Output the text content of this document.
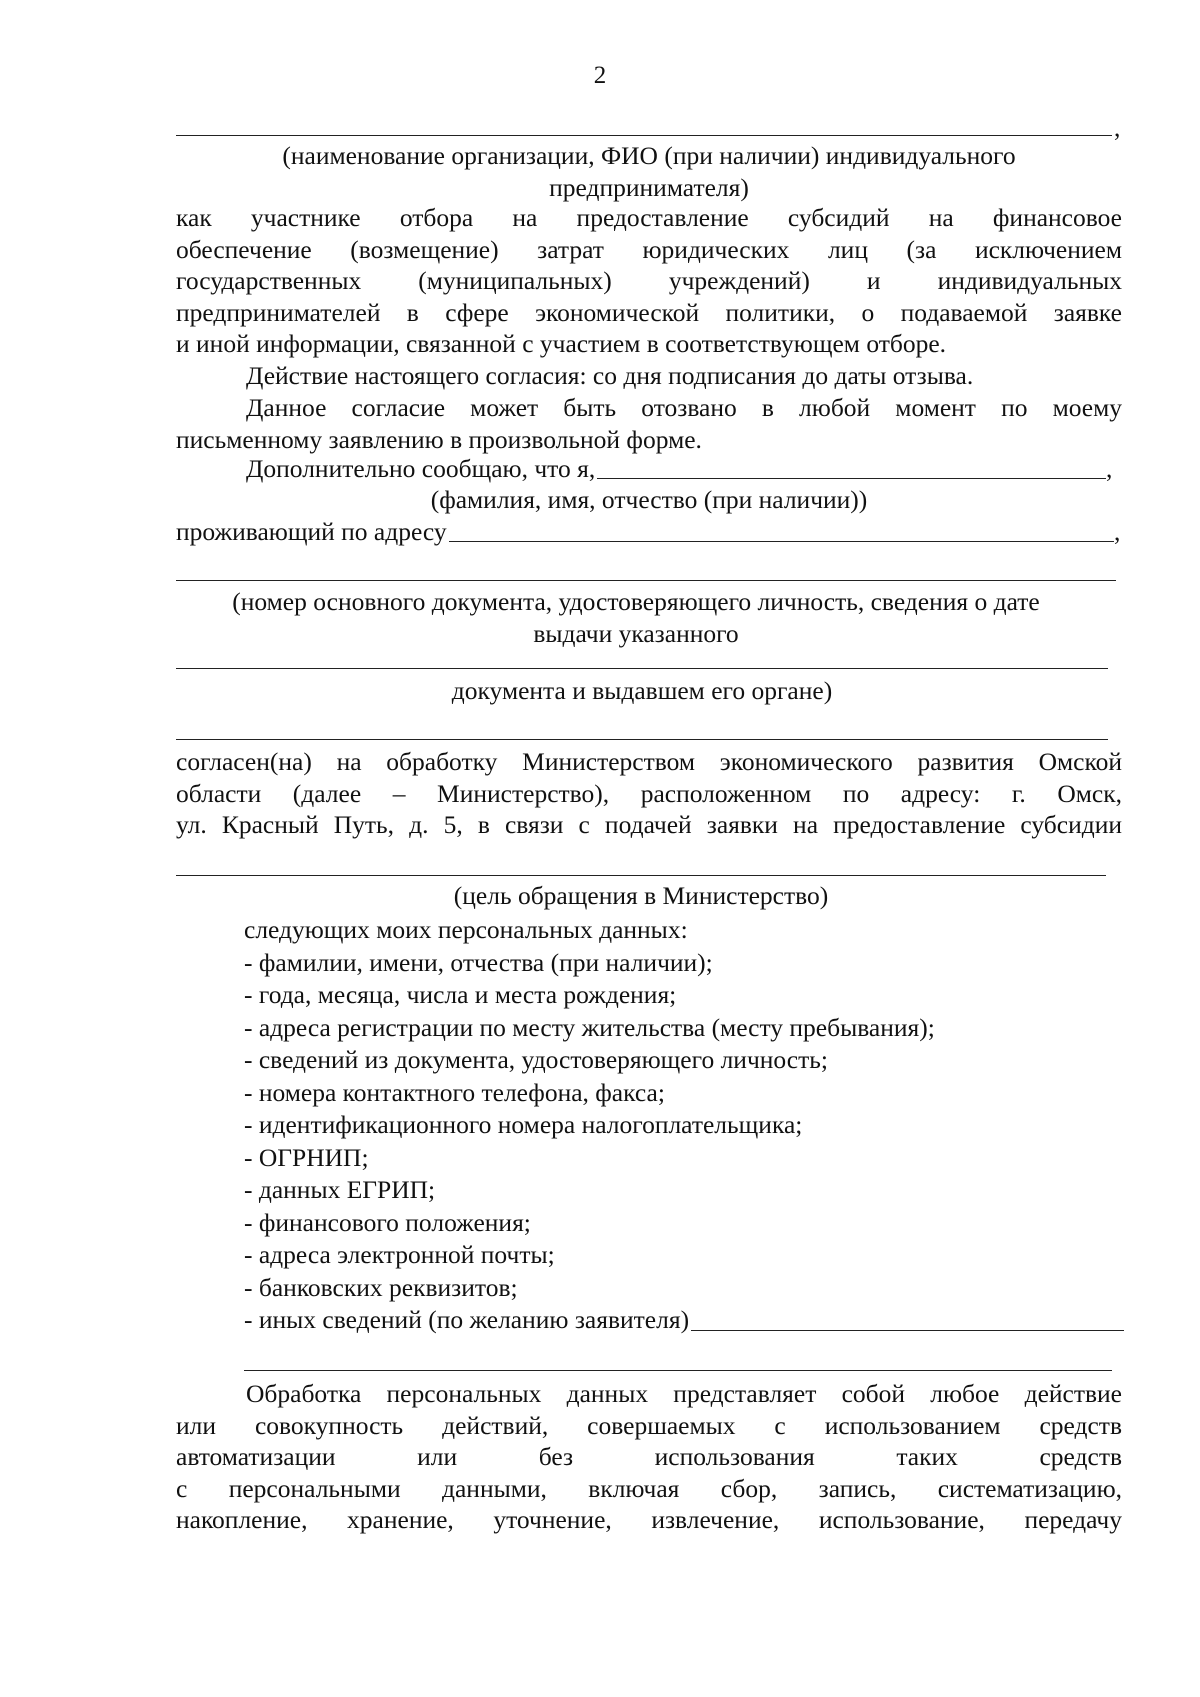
2
,
(наименование организации, ФИО (при наличии) индивидуального
предпринимателя)
как участнике отбора на предоставление субсидий на финансовое
обеспечение (возмещение) затрат юридических лиц (за исключением
государственных (муниципальных) учреждений) и индивидуальных
предпринимателей в сфере экономической политики, о подаваемой заявке
и иной информации, связанной с участием в соответствующем отборе.
Действие настоящего согласия: со дня подписания до даты отзыва.
Данное согласие может быть отозвано в любой момент по моему
письменному заявлению в произвольной форме.
Дополнительно сообщаю, что я,	,
(фамилия, имя, отчество (при наличии))
проживающий по адресу	,
(номер основного документа, удостоверяющего личность, сведения о дате
выдачи указанного
документа и выдавшем его органе)
согласен(на) на обработку Министерством экономического развития Омской
области (далее – Министерство), расположенном по адресу: г. Омск,
ул. Красный Путь, д. 5, в связи с подачей заявки на предоставление субсидии
(цель обращения в Министерство)
следующих моих персональных данных:
- фамилии, имени, отчества (при наличии);
- года, месяца, числа и места рождения;
- адреса регистрации по месту жительства (месту пребывания);
- сведений из документа, удостоверяющего личность;
- номера контактного телефона, факса;
- идентификационного номера налогоплательщика;
- ОГРНИП;
- данных ЕГРИП;
- финансового положения;
- адреса электронной почты;
- банковских реквизитов;
- иных сведений (по желанию заявителя)
Обработка персональных данных представляет собой любое действие
или совокупность действий, совершаемых с использованием средств
автоматизации или без использования таких средств
с персональными данными, включая сбор, запись, систематизацию,
накопление, хранение, уточнение, извлечение, использование, передачу
